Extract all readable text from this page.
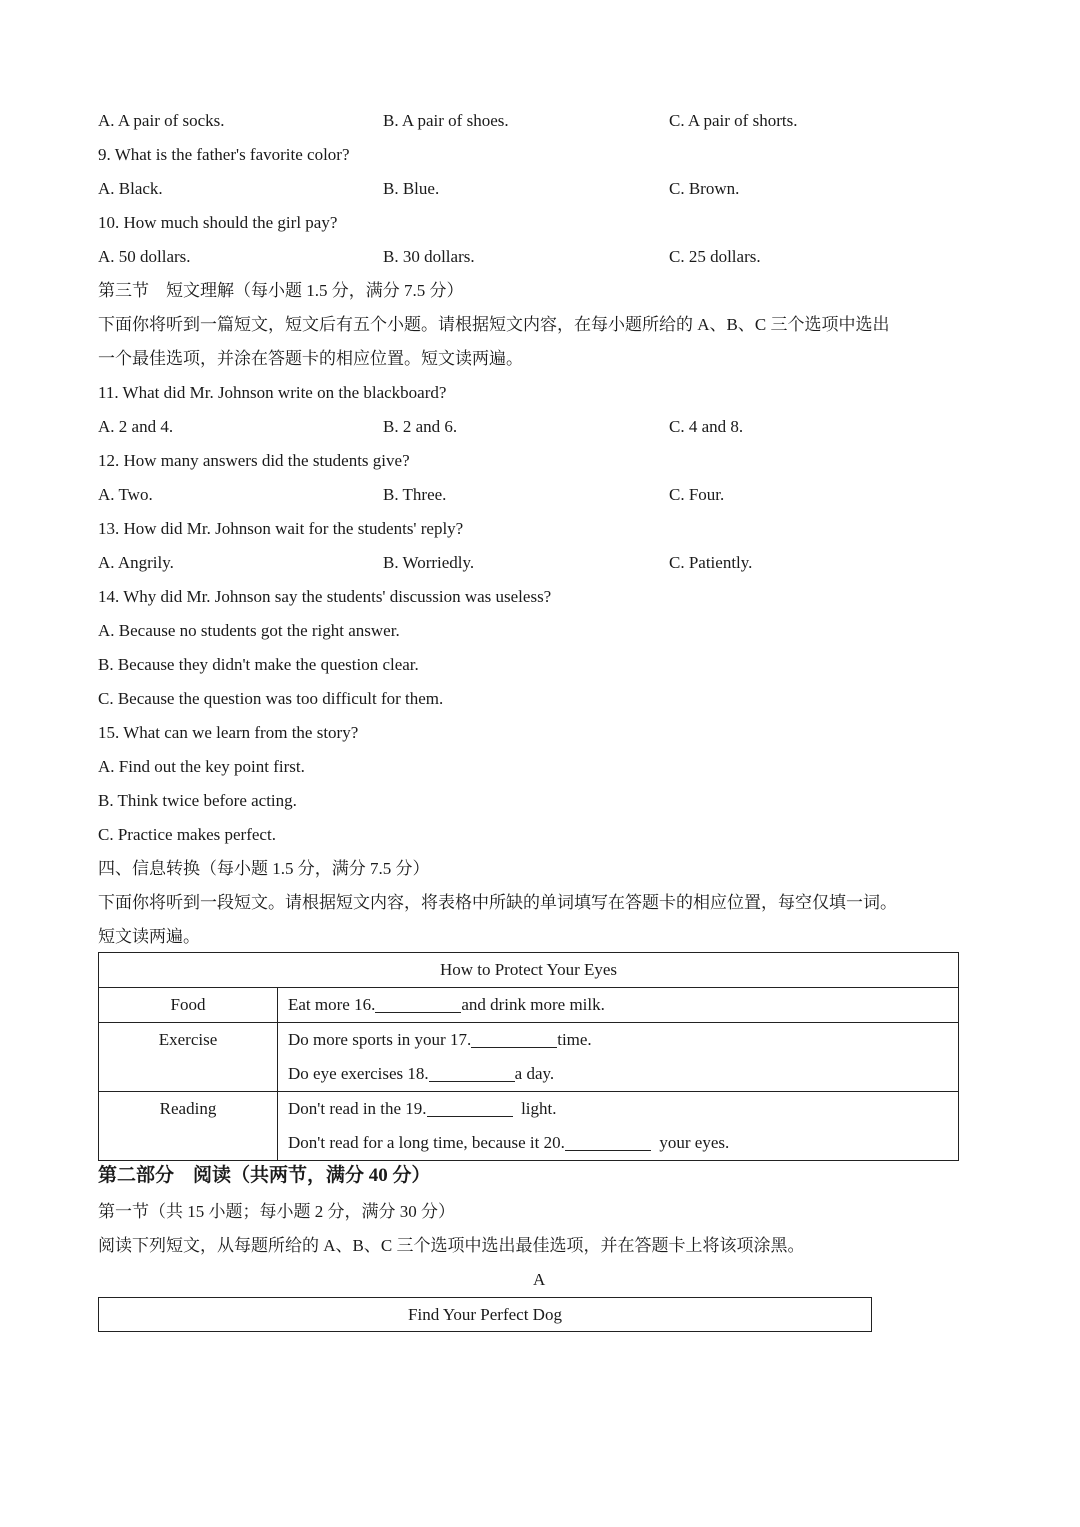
A. A pair of socks.	B. A pair of shoes.	C. A pair of shorts.
9. What is the father's favorite color?
A. Black.	B. Blue.	C. Brown.
10. How much should the girl pay?
A. 50 dollars.	B. 30 dollars.	C. 25 dollars.
第三节　短文理解（每小题 1.5 分，满分 7.5 分）
下面你将听到一篇短文，短文后有五个小题。请根据短文内容，在每小题所给的 A、B、C 三个选项中选出
一个最佳选项，并涂在答题卡的相应位置。短文读两遍。
11. What did Mr. Johnson write on the blackboard?
A. 2 and 4.	B. 2 and 6.	C. 4 and 8.
12. How many answers did the students give?
A. Two.	B. Three.	C. Four.
13. How did Mr. Johnson wait for the students' reply?
A. Angrily.	B. Worriedly.	C. Patiently.
14. Why did Mr. Johnson say the students' discussion was useless?
A. Because no students got the right answer.
B. Because they didn't make the question clear.
C. Because the question was too difficult for them.
15. What can we learn from the story?
A. Find out the key point first.
B. Think twice before acting.
C. Practice makes perfect.
四、信息转换（每小题 1.5 分，满分 7.5 分）
下面你将听到一段短文。请根据短文内容，将表格中所缺的单词填写在答题卡的相应位置，每空仅填一词。
短文读两遍。
How to Protect Your Eyes	
Food	Eat more 16. and drink more milk.
Exercise	Do more sports in your 17. time.
Do eye exercises 18. a day.

Reading	Don't read in the 19. light.
Don't read for a long time, because it 20. your eyes.
第二部分　阅读（共两节，满分 40 分）
第一节（共 15 小题；每小题 2 分，满分 30 分）
阅读下列短文，从每题所给的 A、B、C 三个选项中选出最佳选项，并在答题卡上将该项涂黑。
A
Find Your Perfect Dog
